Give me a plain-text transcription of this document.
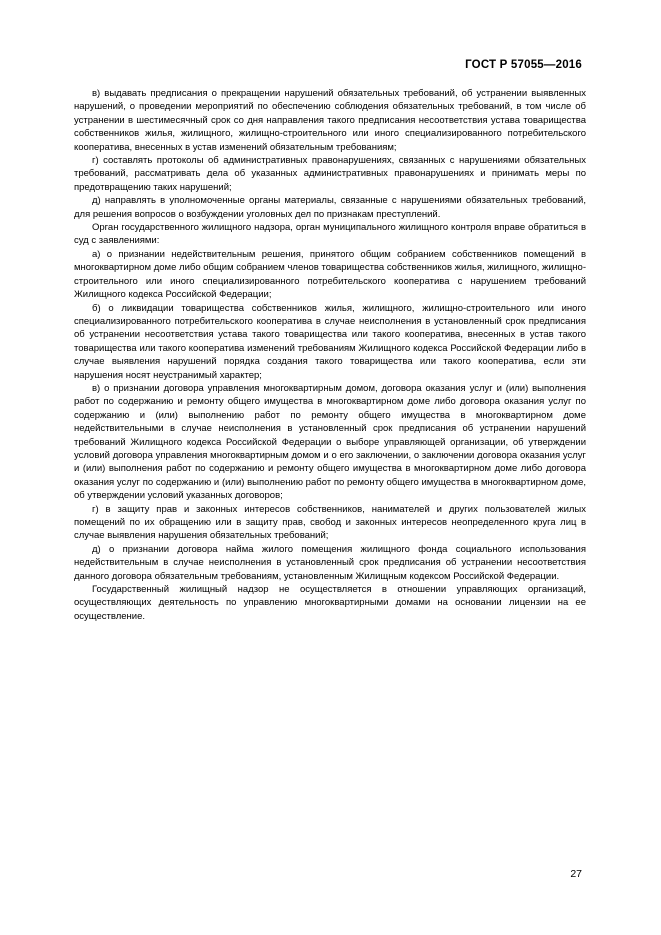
ГОСТ Р 57055—2016

в) выдавать предписания о прекращении нарушений обязательных требований, об устранении выявленных нарушений, о проведении мероприятий по обеспечению соблюдения обязательных требований, в том числе об устранении в шестимесячный срок со дня направления такого предписания несоответствия устава товарищества собственников жилья, жилищного, жилищно-строительного или иного специализированного потребительского кооператива, внесенных в устав изменений обязательным требованиям;

г) составлять протоколы об административных правонарушениях, связанных с нарушениями обязательных требований, рассматривать дела об указанных административных правонарушениях и принимать меры по предотвращению таких нарушений;

д) направлять в уполномоченные органы материалы, связанные с нарушениями обязательных требований, для решения вопросов о возбуждении уголовных дел по признакам преступлений.

Орган государственного жилищного надзора, орган муниципального жилищного контроля вправе обратиться в суд с заявлениями:

а) о признании недействительным решения, принятого общим собранием собственников помещений в многоквартирном доме либо общим собранием членов товарищества собственников жилья, жилищного, жилищно-строительного или иного специализированного потребительского кооператива с нарушением требований Жилищного кодекса Российской Федерации;

б) о ликвидации товарищества собственников жилья, жилищного, жилищно-строительного или иного специализированного потребительского кооператива в случае неисполнения в установленный срок предписания об устранении несоответствия устава такого товарищества или такого кооператива, внесенных в устав такого товарищества или такого кооператива изменений требованиям Жилищного кодекса Российской Федерации либо в случае выявления нарушений порядка создания такого товарищества или такого кооператива, если эти нарушения носят неустранимый характер;

в) о признании договора управления многоквартирным домом, договора оказания услуг и (или) выполнения работ по содержанию и ремонту общего имущества в многоквартирном доме либо договора оказания услуг по содержанию и (или) выполнению работ по ремонту общего имущества в многоквартирном доме недействительными в случае неисполнения в установленный срок предписания об устранении нарушений требований Жилищного кодекса Российской Федерации о выборе управляющей организации, об утверждении условий договора управления многоквартирным домом и о его заключении, о заключении договора оказания услуг и (или) выполнения работ по содержанию и ремонту общего имущества в многоквартирном доме либо договора оказания услуг по содержанию и (или) выполнению работ по ремонту общего имущества в многоквартирном доме, об утверждении условий указанных договоров;

г) в защиту прав и законных интересов собственников, нанимателей и других пользователей жилых помещений по их обращению или в защиту прав, свобод и законных интересов неопределенного круга лиц в случае выявления нарушения обязательных требований;

д) о признании договора найма жилого помещения жилищного фонда социального использования недействительным в случае неисполнения в установленный срок предписания об устранении несоответствия данного договора обязательным требованиям, установленным Жилищным кодексом Российской Федерации.

Государственный жилищный надзор не осуществляется в отношении управляющих организаций, осуществляющих деятельность по управлению многоквартирными домами на основании лицензии на ее осуществление.

27
